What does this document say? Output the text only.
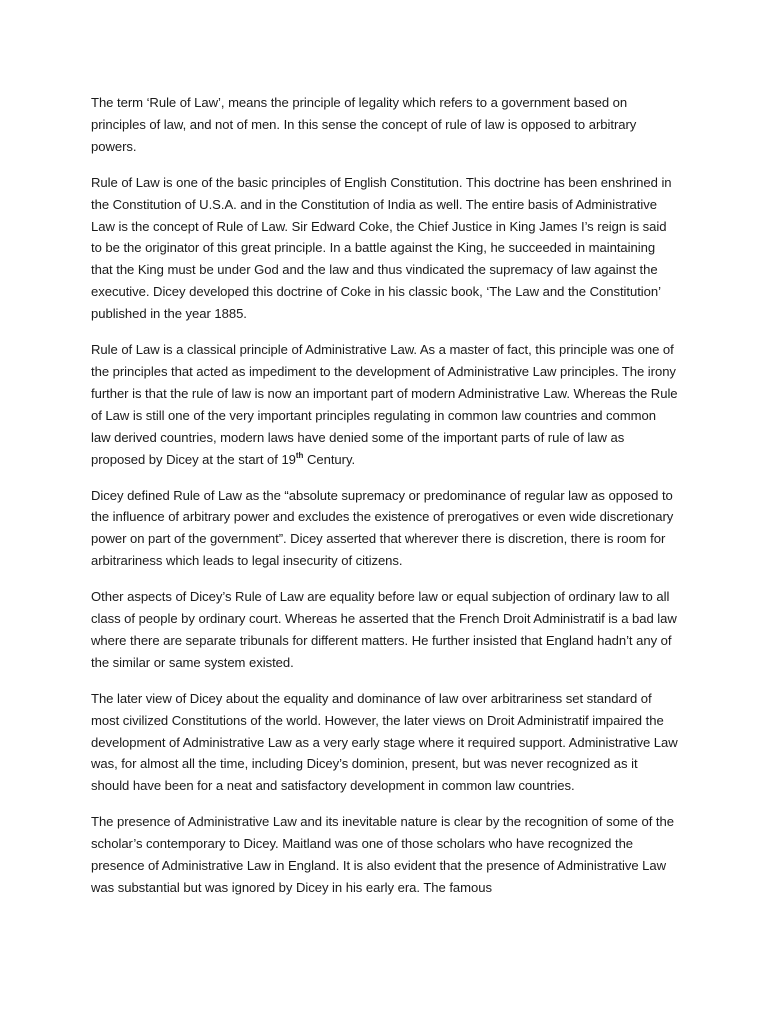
The term ‘Rule of Law’, means the principle of legality which refers to a government based on principles of law, and not of men. In this sense the concept of rule of law is opposed to arbitrary powers.

Rule of Law is one of the basic principles of English Constitution. This doctrine has been enshrined in the Constitution of U.S.A. and in the Constitution of India as well. The entire basis of Administrative Law is the concept of Rule of Law. Sir Edward Coke, the Chief Justice in King James I’s reign is said to be the originator of this great principle. In a battle against the King, he succeeded in maintaining that the King must be under God and the law and thus vindicated the supremacy of law against the executive. Dicey developed this doctrine of Coke in his classic book, ‘The Law and the Constitution’ published in the year 1885.

Rule of Law is a classical principle of Administrative Law. As a master of fact, this principle was one of the principles that acted as impediment to the development of Administrative Law principles. The irony further is that the rule of law is now an important part of modern Administrative Law. Whereas the Rule of Law is still one of the very important principles regulating in common law countries and common law derived countries, modern laws have denied some of the important parts of rule of law as proposed by Dicey at the start of 19th Century.

Dicey defined Rule of Law as the “absolute supremacy or predominance of regular law as opposed to the influence of arbitrary power and excludes the existence of prerogatives or even wide discretionary power on part of the government”. Dicey asserted that wherever there is discretion, there is room for arbitrariness which leads to legal insecurity of citizens.

Other aspects of Dicey’s Rule of Law are equality before law or equal subjection of ordinary law to all class of people by ordinary court. Whereas he asserted that the French Droit Administratif is a bad law where there are separate tribunals for different matters. He further insisted that England hadn’t any of the similar or same system existed.

The later view of Dicey about the equality and dominance of law over arbitrariness set standard of most civilized Constitutions of the world. However, the later views on Droit Administratif impaired the development of Administrative Law as a very early stage where it required support. Administrative Law was, for almost all the time, including Dicey’s dominion, present, but was never recognized as it should have been for a neat and satisfactory development in common law countries.

The presence of Administrative Law and its inevitable nature is clear by the recognition of some of the scholar’s contemporary to Dicey. Maitland was one of those scholars who have recognized the presence of Administrative Law in England. It is also evident that the presence of Administrative Law was substantial but was ignored by Dicey in his early era. The famous
